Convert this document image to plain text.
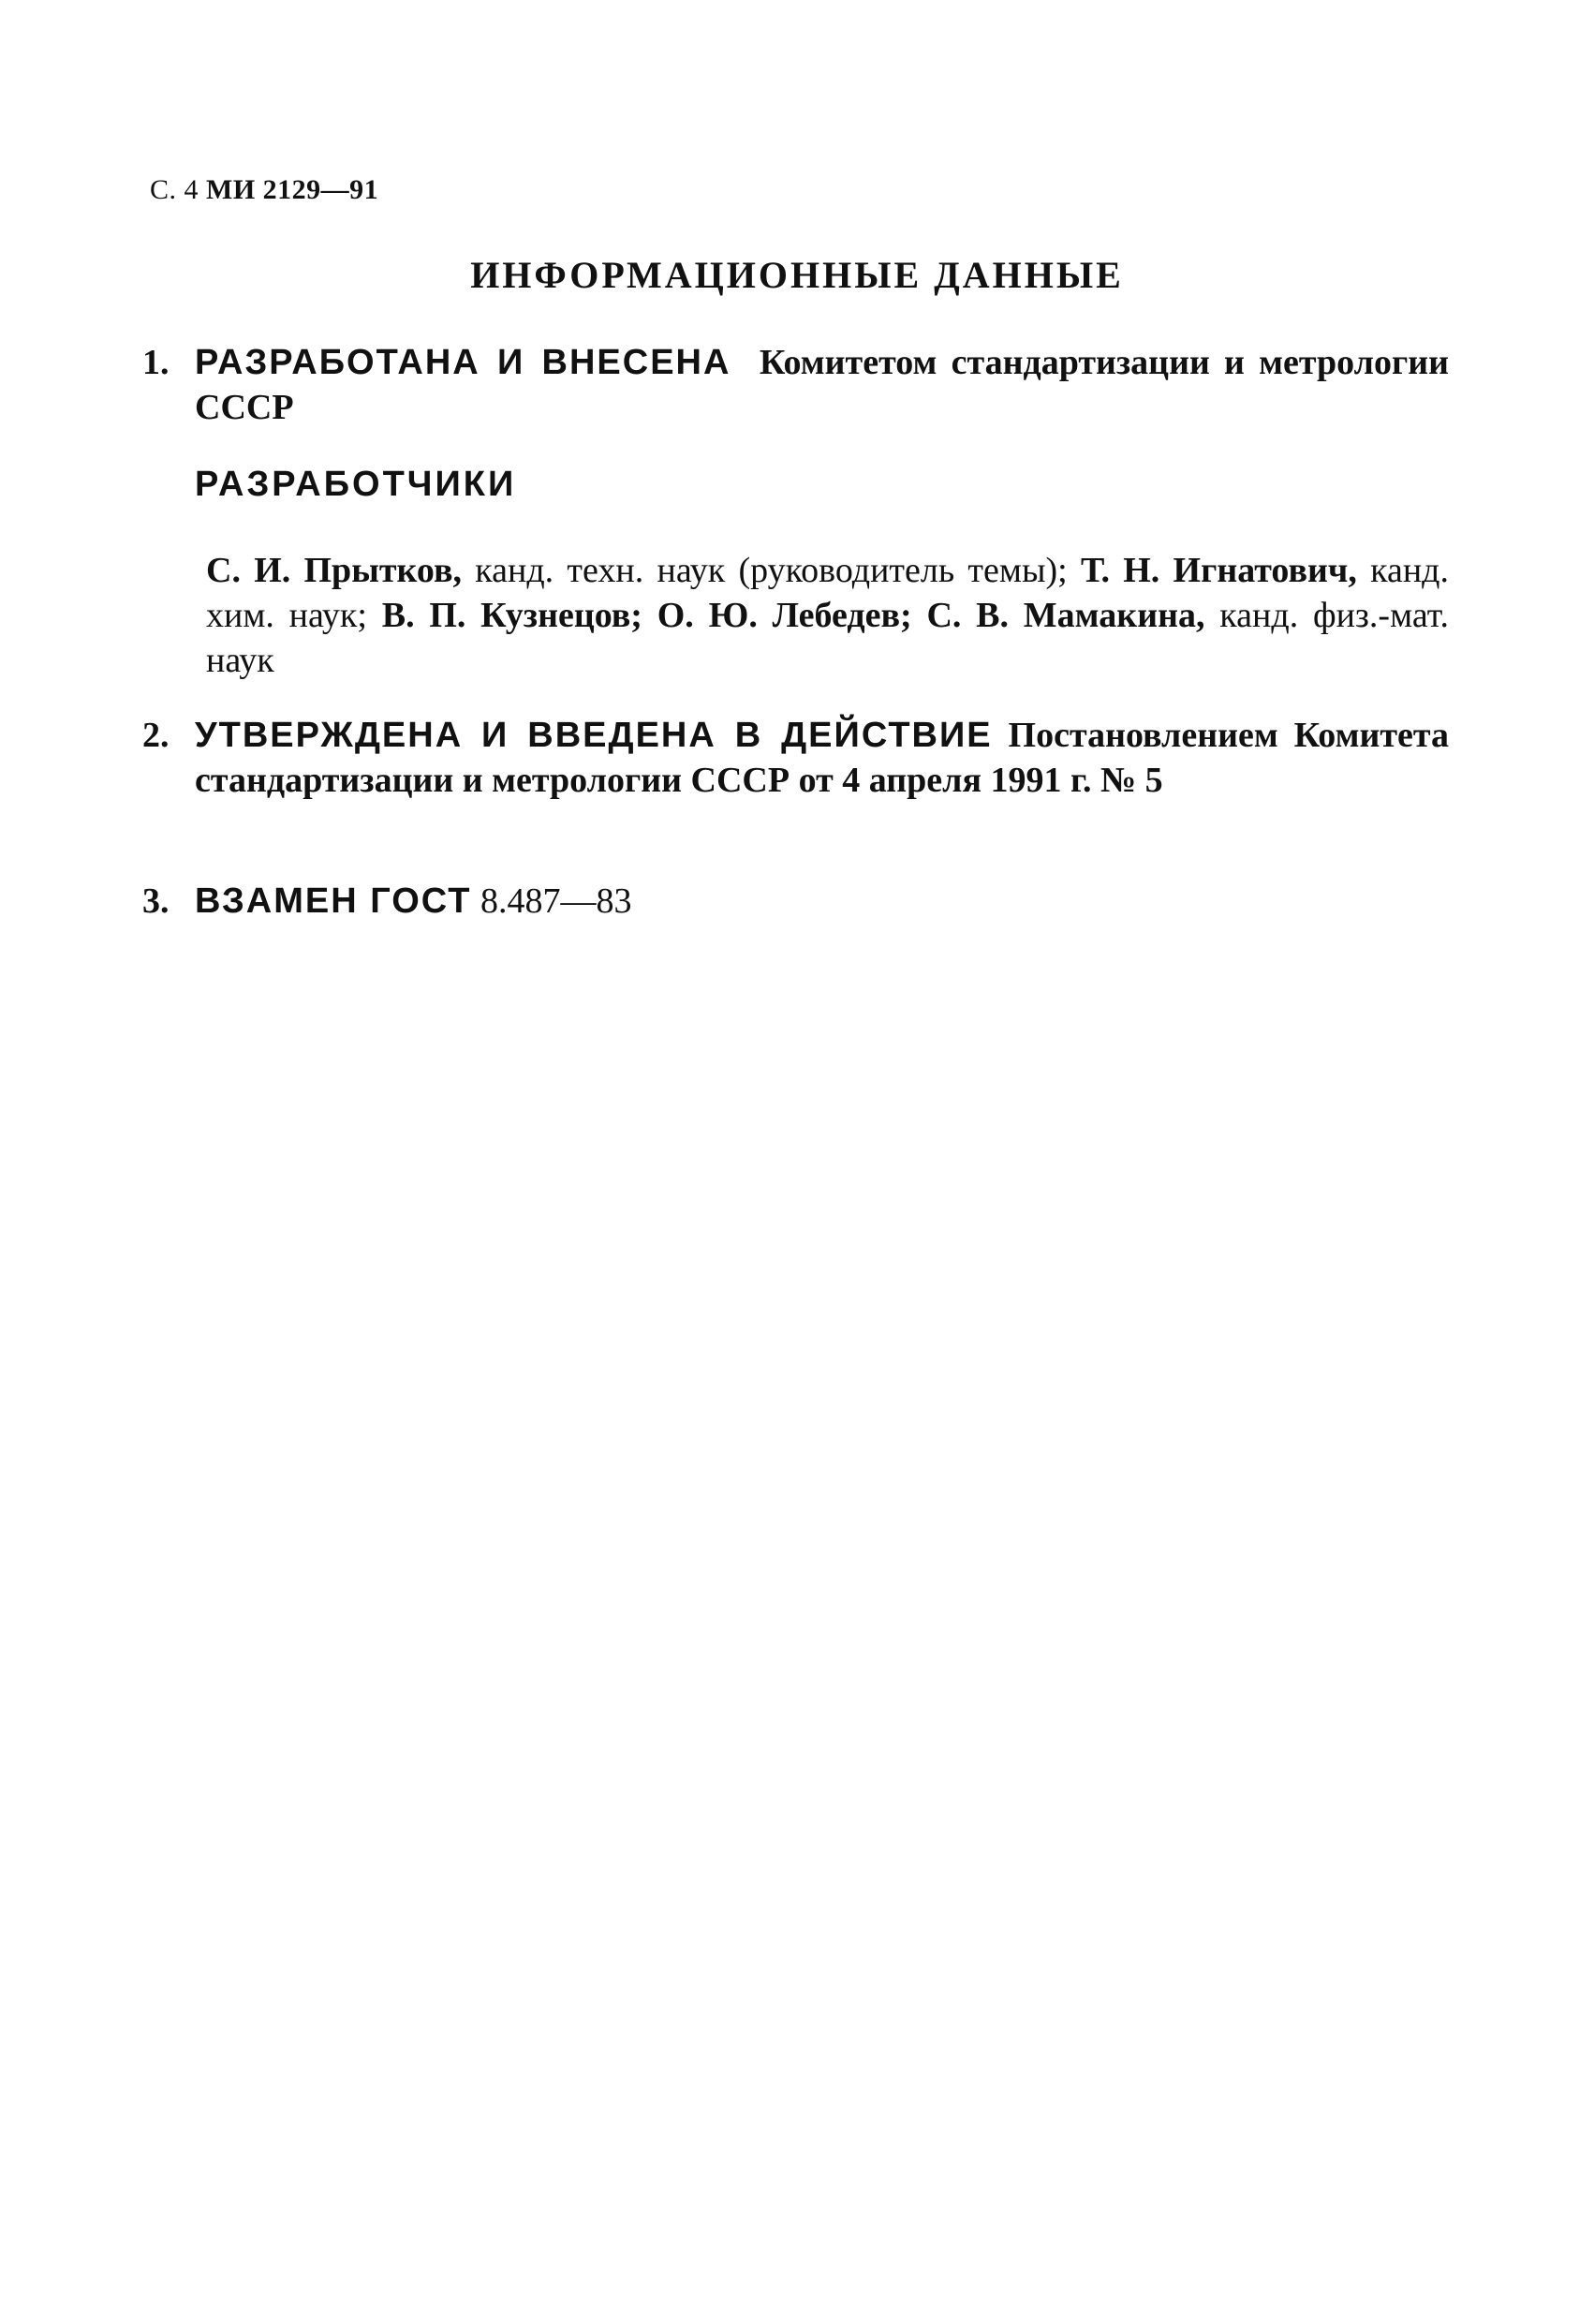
С. 4 МИ 2129—91
ИНФОРМАЦИОННЫЕ ДАННЫЕ
1. РАЗРАБОТАНА И ВНЕСЕНА Комитетом стандартизации и метрологии СССР
РАЗРАБОТЧИКИ
С. И. Прытков, канд. техн. наук (руководитель темы); Т. Н. Игнатович, канд. хим. наук; В. П. Кузнецов; О. Ю. Лебедев; С. В. Мамакина, канд. физ.-мат. наук
2. УТВЕРЖДЕНА И ВВЕДЕНА В ДЕЙСТВИЕ Постановлением Комитета стандартизации и метрологии СССР от 4 апреля 1991 г. № 5
3. ВЗАМЕН ГОСТ 8.487—83
